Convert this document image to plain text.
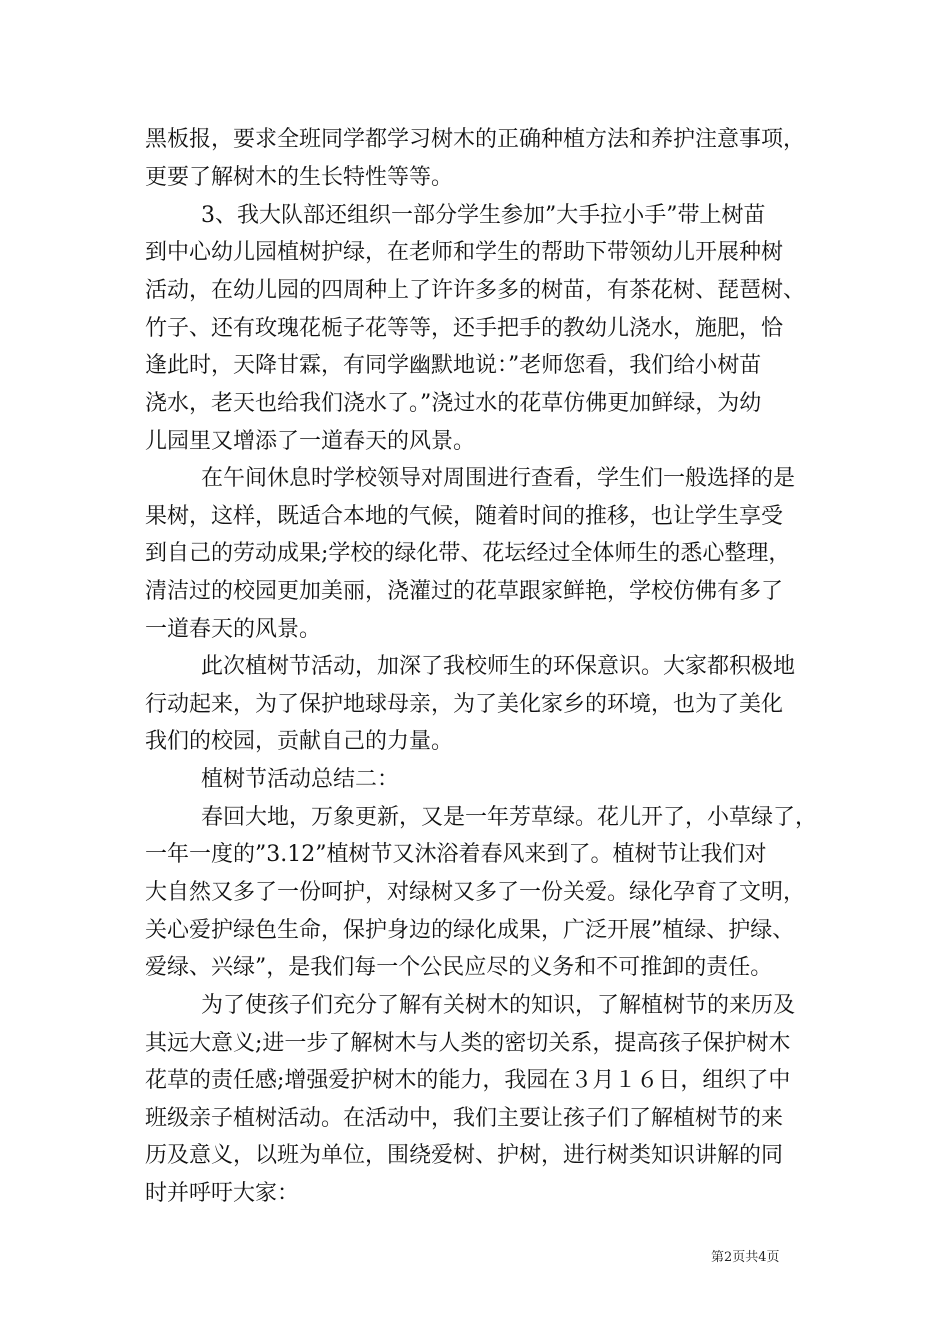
黑板报，要求全班同学都学习树木的正确种植方法和养护注意事项，
更要了解树木的生长特性等等。
3、我大队部还组织一部分学生参加”大手拉小手”带上树苗
到中心幼儿园植树护绿，在老师和学生的帮助下带领幼儿开展种树
活动，在幼儿园的四周种上了许许多多的树苗，有茶花树、琵琶树、
竹子、还有玫瑰花栀子花等等，还手把手的教幼儿浇水，施肥，恰
逢此时，天降甘霖，有同学幽默地说：”老师您看，我们给小树苗
浇水，老天也给我们浇水了。”浇过水的花草仿佛更加鲜绿，为幼
儿园里又增添了一道春天的风景。
在午间休息时学校领导对周围进行查看，学生们一般选择的是
果树，这样，既适合本地的气候，随着时间的推移，也让学生享受
到自己的劳动成果;学校的绿化带、花坛经过全体师生的悉心整理，
清洁过的校园更加美丽，浇灌过的花草跟家鲜艳，学校仿佛有多了
一道春天的风景。
此次植树节活动，加深了我校师生的环保意识。大家都积极地
行动起来，为了保护地球母亲，为了美化家乡的环境，也为了美化
我们的校园，贡献自己的力量。
植树节活动总结二：
春回大地，万象更新，又是一年芳草绿。花儿开了，小草绿了，
一年一度的”3.12”植树节又沐浴着春风来到了。植树节让我们对
大自然又多了一份呵护，对绿树又多了一份关爱。绿化孕育了文明，
关心爱护绿色生命，保护身边的绿化成果，广泛开展”植绿、护绿、
爱绿、兴绿”，是我们每一个公民应尽的义务和不可推卸的责任。
为了使孩子们充分了解有关树木的知识，了解植树节的来历及
其远大意义;进一步了解树木与人类的密切关系，提高孩子保护树木
花草的责任感;增强爱护树木的能力，我园在３月１６日，组织了中
班级亲子植树活动。在活动中，我们主要让孩子们了解植树节的来
历及意义，以班为单位，围绕爱树、护树，进行树类知识讲解的同
时并呼吁大家：
第2页共4页
